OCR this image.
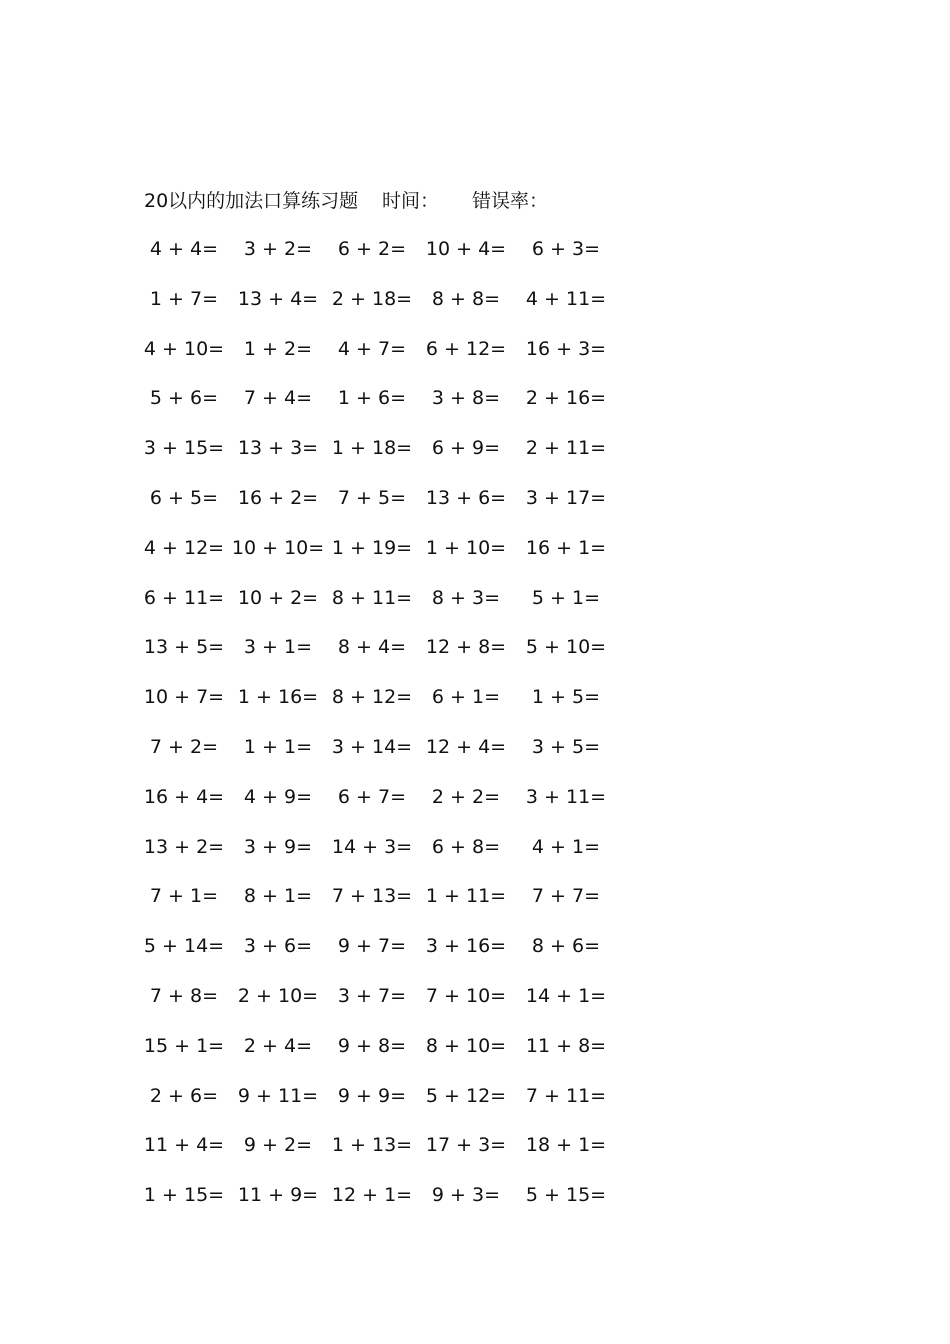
20以内的加法口算练习题 时间： 错误率：
4 + 4= 3 + 2= 6 + 2= 10 + 4= 6 + 3=
1 + 7= 13 + 4= 2 + 18= 8 + 8= 4 + 11=
4 + 10= 1 + 2= 4 + 7= 6 + 12= 16 + 3=
5 + 6= 7 + 4= 1 + 6= 3 + 8= 2 + 16=
3 + 15= 13 + 3= 1 + 18= 6 + 9= 2 + 11=
6 + 5= 16 + 2= 7 + 5= 13 + 6= 3 + 17=
4 + 12= 10 + 10= 1 + 19= 1 + 10= 16 + 1=
6 + 11= 10 + 2= 8 + 11= 8 + 3= 5 + 1=
13 + 5= 3 + 1= 8 + 4= 12 + 8= 5 + 10=
10 + 7= 1 + 16= 8 + 12= 6 + 1= 1 + 5=
7 + 2= 1 + 1= 3 + 14= 12 + 4= 3 + 5=
16 + 4= 4 + 9= 6 + 7= 2 + 2= 3 + 11=
13 + 2= 3 + 9= 14 + 3= 6 + 8= 4 + 1=
7 + 1= 8 + 1= 7 + 13= 1 + 11= 7 + 7=
5 + 14= 3 + 6= 9 + 7= 3 + 16= 8 + 6=
7 + 8= 2 + 10= 3 + 7= 7 + 10= 14 + 1=
15 + 1= 2 + 4= 9 + 8= 8 + 10= 11 + 8=
2 + 6= 9 + 11= 9 + 9= 5 + 12= 7 + 11=
11 + 4= 9 + 2= 1 + 13= 17 + 3= 18 + 1=
1 + 15= 11 + 9= 12 + 1= 9 + 3= 5 + 15=
